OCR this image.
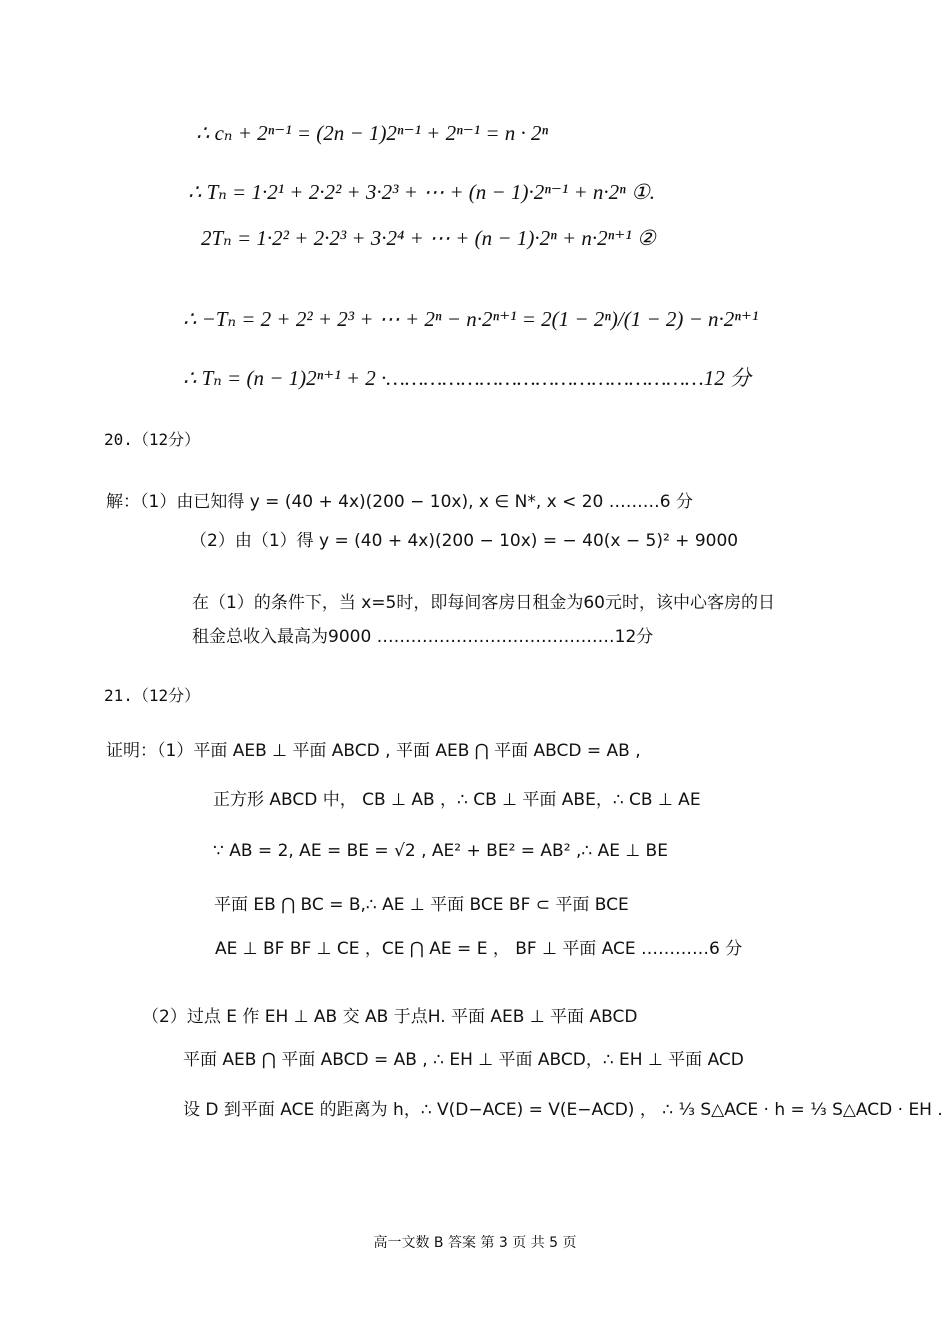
∴ cₙ + 2ⁿ⁻¹ = (2n − 1)2ⁿ⁻¹ + 2ⁿ⁻¹ = n · 2ⁿ
∴ Tₙ = 1·2¹ + 2·2² + 3·2³ + ⋯ + (n − 1)·2ⁿ⁻¹ + n·2ⁿ ①.
2Tₙ = 1·2² + 2·2³ + 3·2⁴ + ⋯ + (n − 1)·2ⁿ + n·2ⁿ⁺¹ ②
∴ −Tₙ = 2 + 2² + 2³ + ⋯ + 2ⁿ − n·2ⁿ⁺¹ = 2(1 − 2ⁿ)/(1 − 2) − n·2ⁿ⁺¹
∴ Tₙ = (n − 1)2ⁿ⁺¹ + 2 ·……………………………………………12 分
20.（12分）
解：（1）由已知得 y = (40 + 4x)(200 − 10x), x ∈ N*, x < 20 ………6 分
（2）由（1）得 y = (40 + 4x)(200 − 10x) = − 40(x − 5)² + 9000
在（1）的条件下，当 x=5时，即每间客房日租金为60元时，该中心客房的日
租金总收入最高为9000 ……………………………………12分
21.（12分）
证明：（1）平面 AEB ⊥ 平面 ABCD , 平面 AEB ⋂ 平面 ABCD = AB ,
正方形 ABCD 中， CB ⊥ AB ，∴ CB ⊥ 平面 ABE，∴ CB ⊥ AE
∵ AB = 2, AE = BE = √2 , AE² + BE² = AB² ,∴ AE ⊥ BE
平面 EB ⋂ BC = B,∴ AE ⊥ 平面 BCE BF ⊂ 平面 BCE
AE ⊥ BF BF ⊥ CE ，CE ⋂ AE = E ， BF ⊥ 平面 ACE …………6 分
（2）过点 E 作 EH ⊥ AB 交 AB 于点H. 平面 AEB ⊥ 平面 ABCD
平面 AEB ⋂ 平面 ABCD = AB , ∴ EH ⊥ 平面 ABCD，∴ EH ⊥ 平面 ACD
设 D 到平面 ACE 的距离为 h，∴ V(D−ACE) = V(E−ACD) ， ∴ ⅓ S△ACE · h = ⅓ S△ACD · EH .
高一文数 B 答案 第 3 页 共 5 页
